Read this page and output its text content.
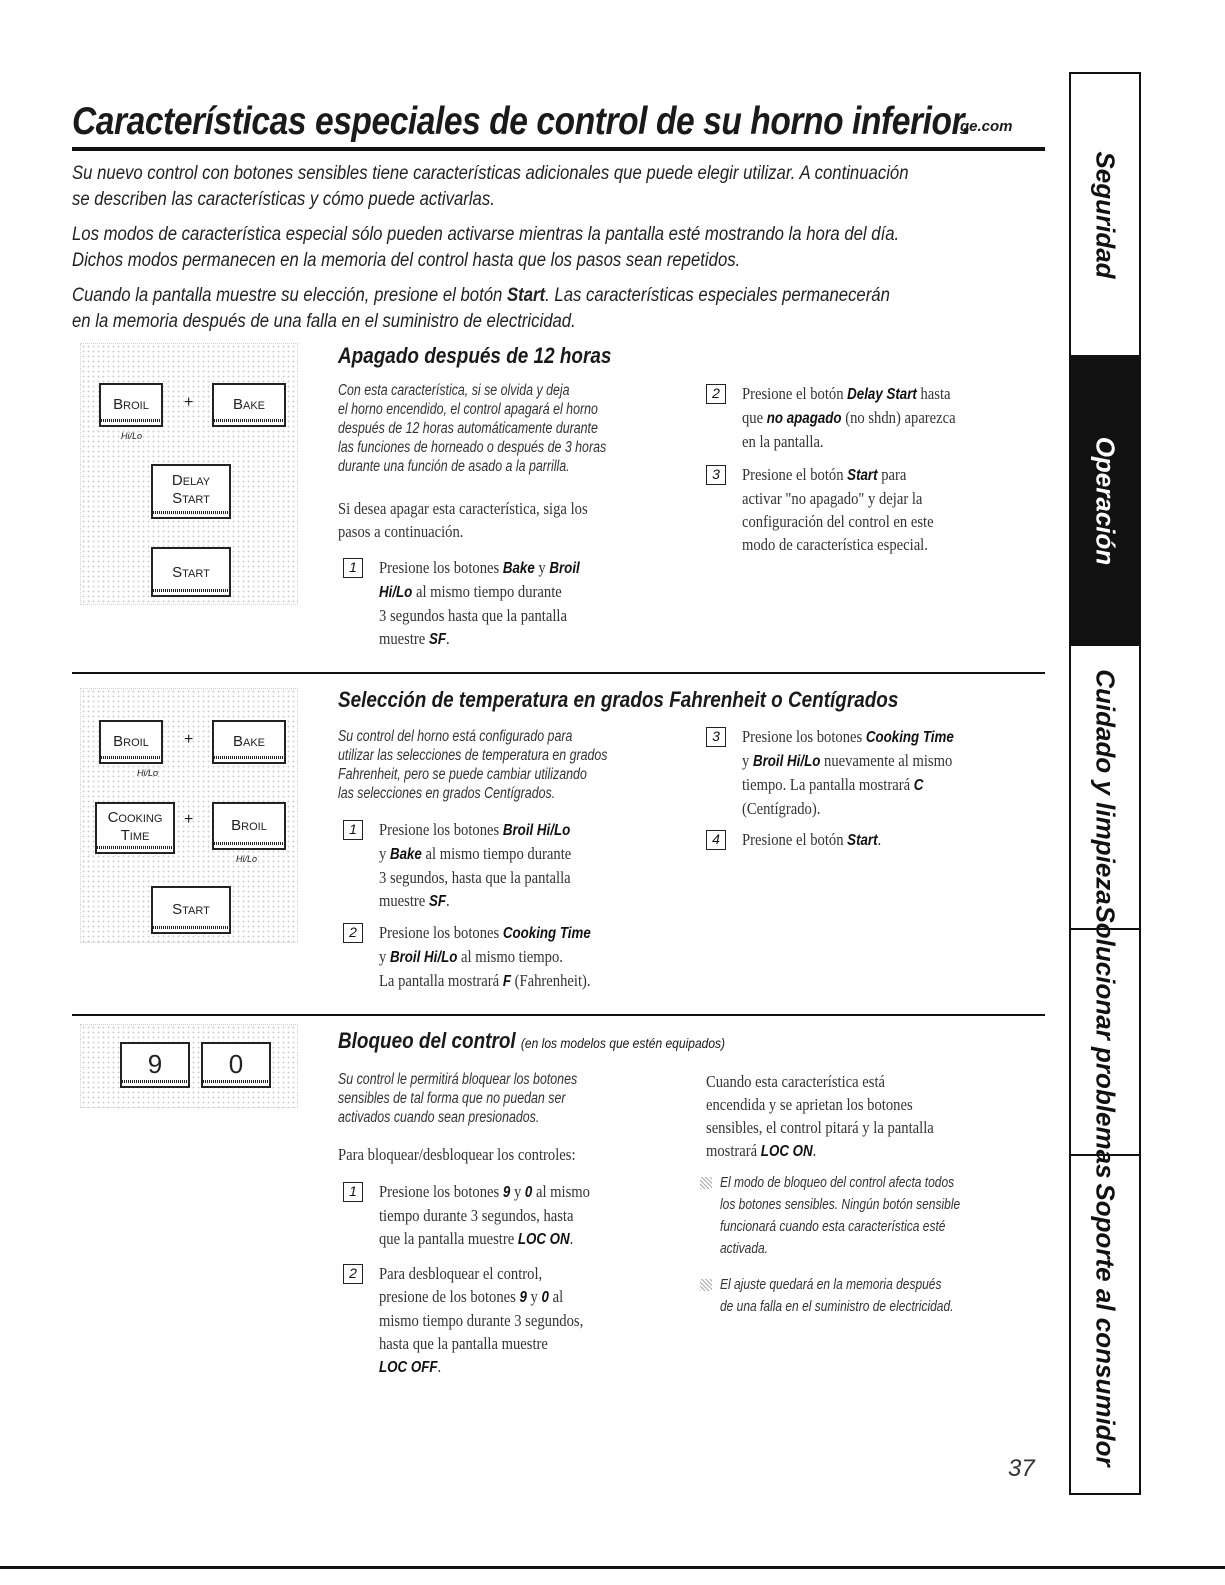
Características especiales de control de su horno inferior.
ge.com
Su nuevo control con botones sensibles tiene características adicionales que puede elegir utilizar. A continuación
se describen las características y cómo puede activarlas.
Los modos de característica especial sólo pueden activarse mientras la pantalla esté mostrando la hora del día.
Dichos modos permanecen en la memoria del control hasta que los pasos sean repetidos.
Cuando la pantalla muestre su elección, presione el botón Start. Las características especiales permanecerán
en la memoria después de una falla en el suministro de electricidad.
Broil	+	Bake
Hi/Lo
Delay
Start
Start
Apagado después de 12 horas
Con esta característica, si se olvida y deja
el horno encendido, el control apagará el horno
después de 12 horas automáticamente durante
las funciones de horneado o después de 3 horas
durante una función de asado a la parrilla.
Si desea apagar esta característica, siga los
pasos a continuación.
1	Presione los botones Bake y Broil
Hi/Lo al mismo tiempo durante
3 segundos hasta que la pantalla
muestre SF.
2	Presione el botón Delay Start hasta
que no apagado (no shdn) aparezca
en la pantalla.
3	Presione el botón Start para
activar "no apagado" y dejar la
configuración del control en este
modo de característica especial.
Broil	+	Bake
Hi/Lo
Cooking
Time
+	Broil
Hi/Lo
Start
Selección de temperatura en grados Fahrenheit o Centígrados
Su control del horno está configurado para
utilizar las selecciones de temperatura en grados
Fahrenheit, pero se puede cambiar utilizando
las selecciones en grados Centígrados.
1	Presione los botones Broil Hi/Lo
y Bake al mismo tiempo durante
3 segundos, hasta que la pantalla
muestre SF.
2	Presione los botones Cooking Time
y Broil Hi/Lo al mismo tiempo.
La pantalla mostrará F (Fahrenheit).
3	Presione los botones Cooking Time
y Broil Hi/Lo nuevamente al mismo
tiempo. La pantalla mostrará C
(Centígrado).
4	Presione el botón Start.
9	0
Bloqueo del control (en los modelos que estén equipados)
Su control le permitirá bloquear los botones
sensibles de tal forma que no puedan ser
activados cuando sean presionados.
Para bloquear/desbloquear los controles:
1	Presione los botones 9 y 0 al mismo
tiempo durante 3 segundos, hasta
que la pantalla muestre LOC ON.
2	Para desbloquear el control,
presione de los botones 9 y 0 al
mismo tiempo durante 3 segundos,
hasta que la pantalla muestre
LOC OFF.
Cuando esta característica está
encendida y se aprietan los botones
sensibles, el control pitará y la pantalla
mostrará LOC ON.
El modo de bloqueo del control afecta todos
los botones sensibles. Ningún botón sensible
funcionará cuando esta característica esté
activada.
El ajuste quedará en la memoria después
de una falla en el suministro de electricidad.
Seguridad
Operación
Cuidado y limpieza
Solucionar problemas
Soporte al consumidor
37
